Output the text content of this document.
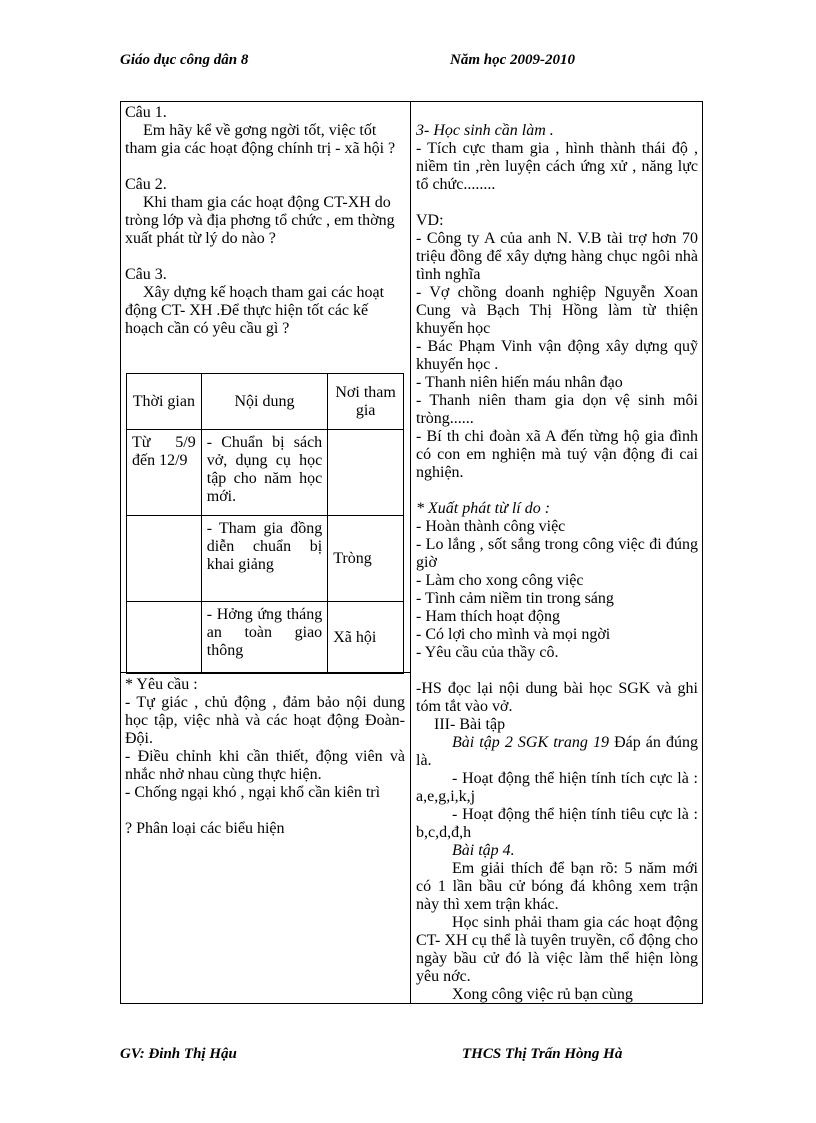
Giáo dục công dân 8	Năm học 2009-2010

Câu 1.

Em hãy kể về gơng ngời tốt, việc tốt tham gia các hoạt động chính trị - xã hội ?

Câu 2.

Khi tham gia các hoạt động CT-XH do tròng lớp và địa phơng tổ chức , em thờng xuất phát từ lý do nào ?

Câu 3.

Xây dựng kế hoạch tham gai các hoạt động CT- XH .Để thực hiện tốt các kế hoạch cần có yêu cầu gì ?

Thời gian	Nội dung	Nơi tham gia
Từ 5/9 đến 12/9	- Chuẩn bị sách vở, dụng cụ học tập cho năm học mới.	
	- Tham gia đồng diễn chuẩn bị khai giảng	Tròng
	- Hởng ứng tháng an toàn giao thông	Xã hội

* Yêu cầu :

- Tự giác , chủ động , đảm bảo nội dung học tập, việc nhà và các hoạt động Đoàn- Đội.

- Điều chỉnh khi cần thiết, động viên và nhắc nhở nhau cùng thực hiện.

- Chống ngại khó , ngại khổ cần kiên trì

? Phân loại các biểu hiện

3- Học sinh cần làm .

- Tích cực tham gia , hình thành thái độ , niềm tin ,rèn luyện cách ứng xử , năng lực tổ chức........

VD:

- Công ty A của anh N. V.B tài trợ hơn 70 triệu đồng để xây dựng hàng chục ngôi nhà tình nghĩa

- Vợ chồng doanh nghiệp Nguyễn Xoan Cung và Bạch Thị Hồng làm từ thiện khuyến học

- Bác Phạm Vinh vận động xây dựng quỹ khuyến học .

- Thanh niên hiến máu nhân đạo

- Thanh niên tham gia dọn vệ sinh môi tròng......

- Bí th chi đoàn xã A đến từng hộ gia đình có con em nghiện mà tuý vận động đi cai nghiện.

* Xuất phát từ lí do :

- Hoàn thành công việc

- Lo lắng , sốt sắng trong công việc đi đúng giờ

- Làm cho xong công việc

- Tình cảm niềm tin trong sáng

- Ham thích hoạt động

- Có lợi cho mình và mọi ngời

- Yêu cầu của thầy cô.

-HS đọc lại nội dung bài học SGK và ghi tóm tắt vào vở.

III- Bài tập

Bài tập 2 SGK trang 19 Đáp án đúng là.

- Hoạt động thể hiện tính tích cực là : a,e,g,i,k,j

- Hoạt động thể hiện tính tiêu cực là : b,c,d,đ,h

Bài tập 4.

Em giải thích để bạn rõ: 5 năm mới có 1 lần bầu cử bóng đá không xem trận này thì xem trận khác.

Học sinh phải tham gia các hoạt động CT- XH cụ thể là tuyên truyền, cổ động cho ngày bầu cử đó là việc làm thể hiện lòng yêu nớc.

Xong công việc rủ bạn cùng

GV: Đinh Thị Hậu	THCS Thị Trấn Hòng Hà
